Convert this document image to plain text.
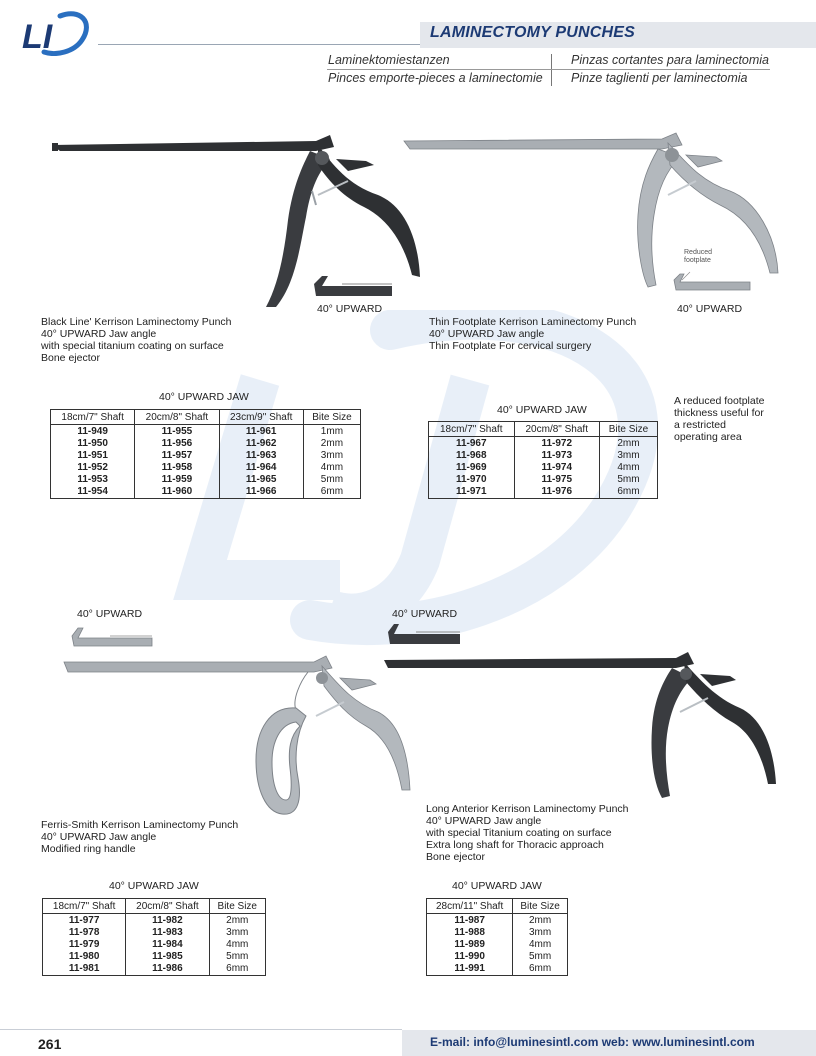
LI	LAMINECTOMY PUNCHES
Laminektomiestanzen	Pinzas cortantes para laminectomia
Pinces emporte-pieces a laminectomie Pinze taglienti per laminectomia
40° UPWARD
Black Line' Kerrison Laminectomy Punch
40° UPWARD Jaw angle
with special titanium coating on surface
Bone ejector
40° UPWARD JAW
18cm/7" Shaft	20cm/8" Shaft	23cm/9" Shaft	Bite Size
11-949	11-955	11-961	1mm
11-950	11-956	11-962	2mm
11-951	11-957	11-963	3mm
11-952	11-958	11-964	4mm
11-953	11-959	11-965	5mm
11-954	11-960	11-966	6mm
Reduced
footplate
40° UPWARD
Thin Footplate Kerrison Laminectomy Punch
40° UPWARD Jaw angle
Thin Footplate For cervical surgery
A reduced footplate
thickness useful for
a restricted
operating area
40° UPWARD JAW
18cm/7" Shaft	20cm/8" Shaft	Bite Size
11-967	11-972	2mm
11-968	11-973	3mm
11-969	11-974	4mm
11-970	11-975	5mm
11-971	11-976	6mm
40° UPWARD
Ferris-Smith Kerrison Laminectomy Punch
40° UPWARD Jaw angle
Modified ring handle
40° UPWARD JAW
18cm/7" Shaft	20cm/8" Shaft	Bite Size
11-977	11-982	2mm
11-978	11-983	3mm
11-979	11-984	4mm
11-980	11-985	5mm
11-981	11-986	6mm
40° UPWARD
Long Anterior Kerrison Laminectomy Punch
40° UPWARD Jaw angle
with special Titanium coating on surface
Extra long shaft for Thoracic approach
Bone ejector
40° UPWARD JAW
28cm/11" Shaft	Bite Size
11-987	2mm
11-988	3mm
11-989	4mm
11-990	5mm
11-991	6mm
261	E-mail: info@luminesintl.com web: www.luminesintl.com
